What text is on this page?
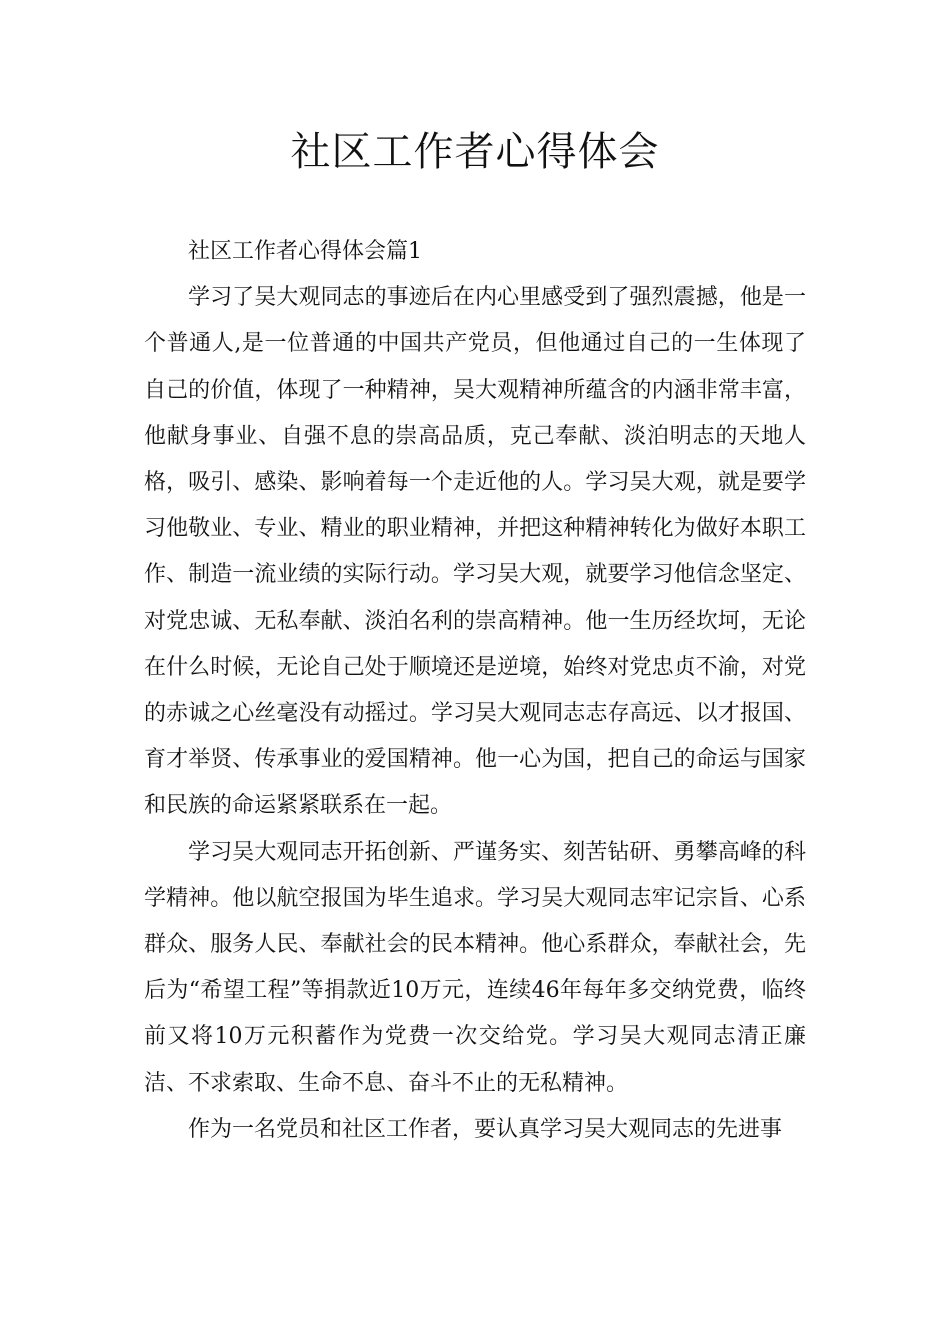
社区工作者心得体会

社区工作者心得体会篇1

学习了吴大观同志的事迹后在内心里感受到了强烈震撼，他是一个普通人,是一位普通的中国共产党员，但他通过自己的一生体现了自己的价值，体现了一种精神，吴大观精神所蕴含的内涵非常丰富，他献身事业、自强不息的崇高品质，克己奉献、淡泊明志的天地人格，吸引、感染、影响着每一个走近他的人。学习吴大观，就是要学习他敬业、专业、精业的职业精神，并把这种精神转化为做好本职工作、制造一流业绩的实际行动。学习吴大观，就要学习他信念坚定、对党忠诚、无私奉献、淡泊名利的崇高精神。他一生历经坎坷，无论在什么时候，无论自己处于顺境还是逆境，始终对党忠贞不渝，对党的赤诚之心丝毫没有动摇过。学习吴大观同志志存高远、以才报国、育才举贤、传承事业的爱国精神。他一心为国，把自己的命运与国家和民族的命运紧紧联系在一起。

学习吴大观同志开拓创新、严谨务实、刻苦钻研、勇攀高峰的科学精神。他以航空报国为毕生追求。学习吴大观同志牢记宗旨、心系群众、服务人民、奉献社会的民本精神。他心系群众，奉献社会，先后为“希望工程”等捐款近10万元，连续46年每年多交纳党费，临终前又将10万元积蓄作为党费一次交给党。学习吴大观同志清正廉洁、不求索取、生命不息、奋斗不止的无私精神。

作为一名党员和社区工作者，要认真学习吴大观同志的先进事
